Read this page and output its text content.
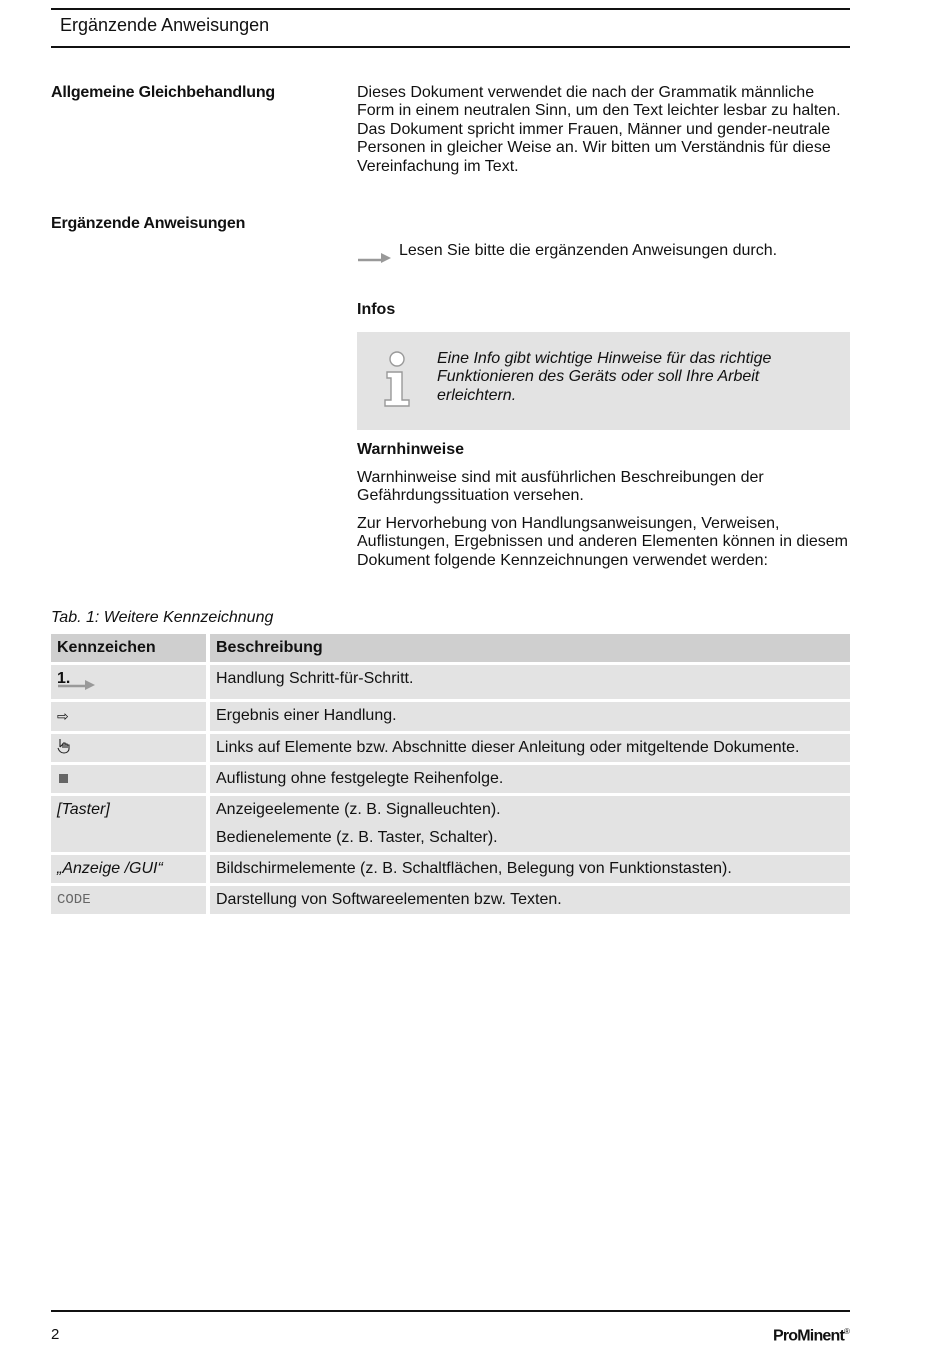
Ergänzende Anweisungen
Allgemeine Gleichbehandlung	Dieses Dokument verwendet die nach der Grammatik männliche Form in einem neutralen Sinn, um den Text leichter lesbar zu halten. Das Dokument spricht immer Frauen, Männer und gender-neutrale Personen in gleicher Weise an. Wir bitten um Verständnis für diese Vereinfachung im Text.
Ergänzende Anweisungen
Lesen Sie bitte die ergänzenden Anweisungen durch.
Infos
Eine Info gibt wichtige Hinweise für das richtige Funktionieren des Geräts oder soll Ihre Arbeit erleichtern.
Warnhinweise
Warnhinweise sind mit ausführlichen Beschreibungen der Gefährdungssituation versehen.
Zur Hervorhebung von Handlungsanweisungen, Verweisen, Auflistungen, Ergebnissen und anderen Elementen können in diesem Dokument folgende Kennzeichnungen verwendet werden:
Tab. 1: Weitere Kennzeichnung
Kennzeichen	Beschreibung
1.	Handlung Schritt-für-Schritt.
⇨	Ergebnis einer Handlung.
	Links auf Elemente bzw. Abschnitte dieser Anleitung oder mitgeltende Dokumente.
	Auflistung ohne festgelegte Reihenfolge.
[Taster]	Anzeigeelemente (z. B. Signalleuchten).
Bedienelemente (z. B. Taster, Schalter).

„Anzeige /GUI“	Bildschirmelemente (z. B. Schaltflächen, Belegung von Funktionstasten).
CODE	Darstellung von Softwareelementen bzw. Texten.
2	ProMinent®
